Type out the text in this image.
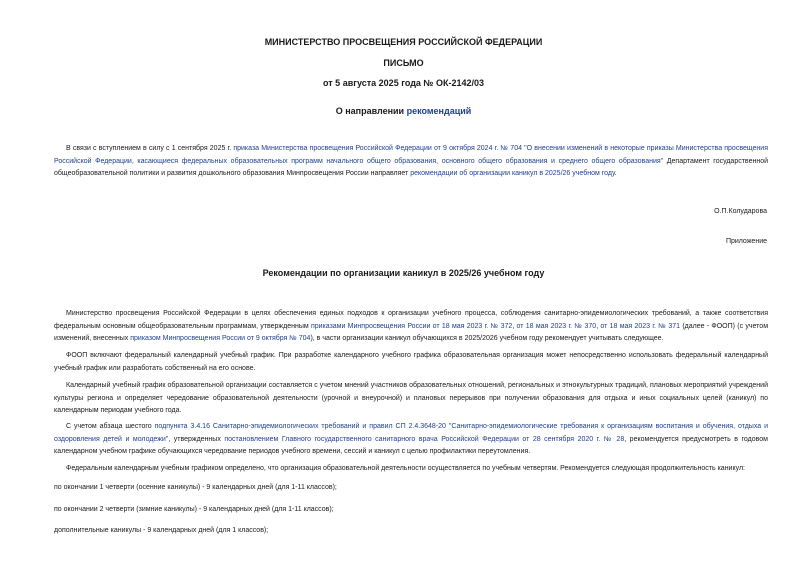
МИНИСТЕРСТВО ПРОСВЕЩЕНИЯ РОССИЙСКОЙ ФЕДЕРАЦИИ
ПИСЬМО
от 5 августа 2025 года № ОК-2142/03
О направлении рекомендаций
В связи с вступлением в силу с 1 сентября 2025 г. приказа Министерства просвещения Российской Федерации от 9 октября 2024 г. № 704 "О внесении изменений в некоторые приказы Министерства просвещения Российской Федерации, касающиеся федеральных образовательных программ начального общего образования, основного общего образования и среднего общего образования" Департамент государственной общеобразовательной политики и развития дошкольного образования Минпросвещения России направляет рекомендации об организации каникул в 2025/26 учебном году.
О.П.Колударова
Приложение
Рекомендации по организации каникул в 2025/26 учебном году
Министерство просвещения Российской Федерации в целях обеспечения единых подходов к организации учебного процесса, соблюдения санитарно-эпидемиологических требований, а также соответствия федеральным основным общеобразовательным программам, утвержденным приказами Минпросвещения России от 18 мая 2023 г. № 372, от 18 мая 2023 г. № 370, от 18 мая 2023 г. № 371 (далее - ФООП) (с учетом изменений, внесенных приказом Минпросвещения России от 9 октября № 704), в части организации каникул обучающихся в 2025/2026 учебном году рекомендует учитывать следующее.
ФООП включают федеральный календарный учебный график. При разработке календарного учебного графика образовательная организация может непосредственно использовать федеральный календарный учебный график или разработать собственный на его основе.
Календарный учебный график образовательной организации составляется с учетом мнений участников образовательных отношений, региональных и этнокультурных традиций, плановых мероприятий учреждений культуры региона и определяет чередование образовательной деятельности (урочной и внеурочной) и плановых перерывов при получении образования для отдыха и иных социальных целей (каникул) по календарным периодам учебного года.
С учетом абзаца шестого подпункта 3.4.16 Санитарно-эпидемиологических требований и правил СП 2.4.3648-20 "Санитарно-эпидемиологические требования к организациям воспитания и обучения, отдыха и оздоровления детей и молодежи", утвержденных постановлением Главного государственного санитарного врача Российской Федерации от 28 сентября 2020 г. № 28, рекомендуется предусмотреть в годовом календарном учебном графике обучающихся чередование периодов учебного времени, сессий и каникул с целью профилактики переутомления.
Федеральным календарным учебным графиком определено, что организация образовательной деятельности осуществляется по учебным четвертям. Рекомендуется следующая продолжительность каникул:
по окончании 1 четверти (осенние каникулы) - 9 календарных дней (для 1-11 классов);
по окончании 2 четверти (зимние каникулы) - 9 календарных дней (для 1-11 классов);
дополнительные каникулы - 9 календарных дней (для 1 классов);
